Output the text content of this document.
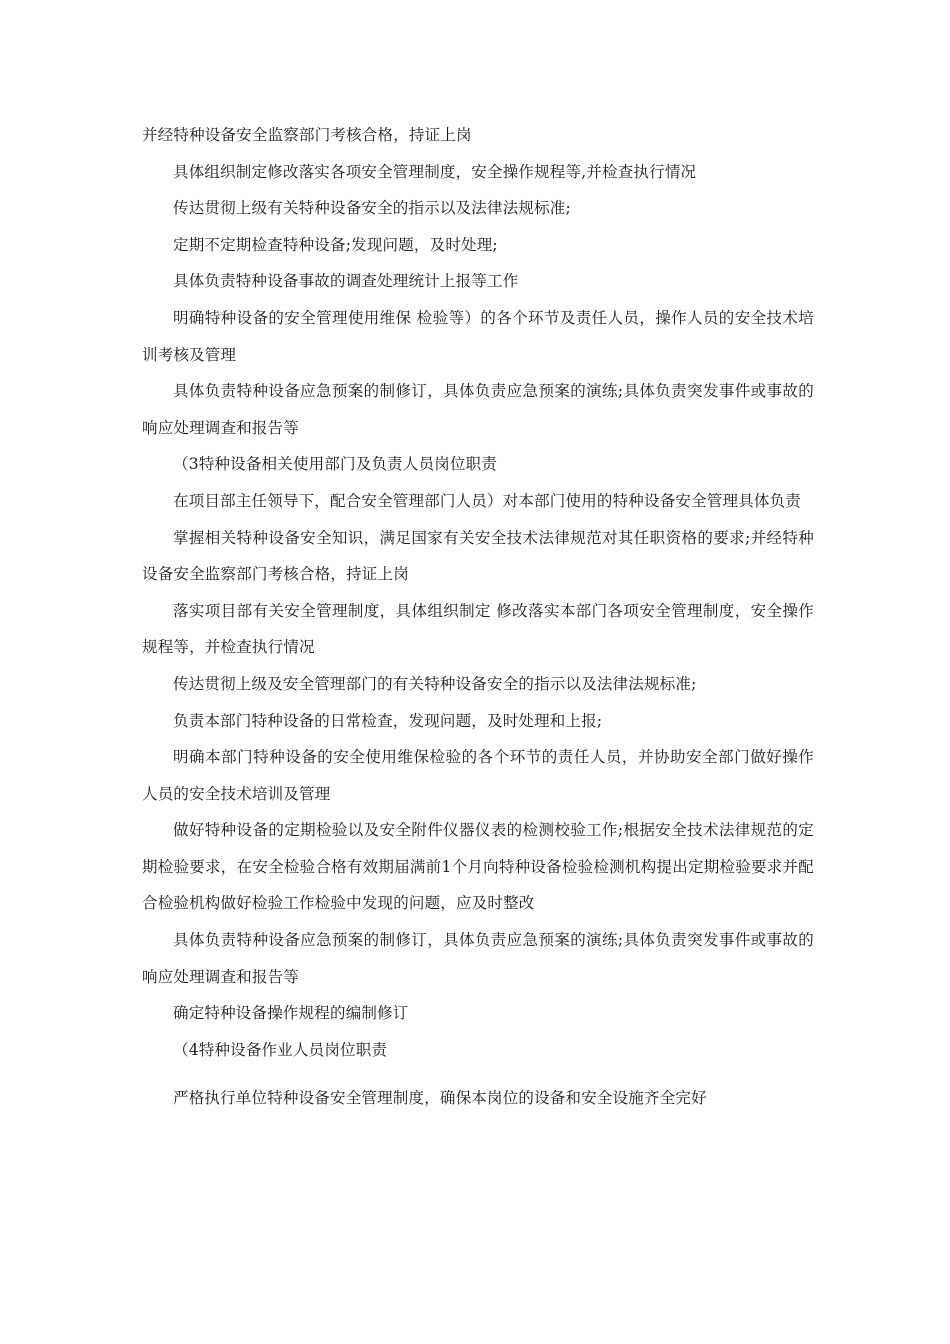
并经特种设备安全监察部门考核合格，持证上岗

具体组织制定修改落实各项安全管理制度，安全操作规程等,并检查执行情况

传达贯彻上级有关特种设备安全的指示以及法律法规标准;

定期不定期检查特种设备;发现问题，及时处理;

具体负责特种设备事故的调查处理统计上报等工作

明确特种设备的安全管理使用维保 检验等）的各个环节及责任人员，操作人员的安全技术培训考核及管理

具体负责特种设备应急预案的制修订，具体负责应急预案的演练;具体负责突发事件或事故的响应处理调查和报告等

（3特种设备相关使用部门及负责人员岗位职责

在项目部主任领导下，配合安全管理部门人员）对本部门使用的特种设备安全管理具体负责

掌握相关特种设备安全知识，满足国家有关安全技术法律规范对其任职资格的要求;并经特种设备安全监察部门考核合格，持证上岗

落实项目部有关安全管理制度，具体组织制定 修改落实本部门各项安全管理制度，安全操作规程等，并检查执行情况

传达贯彻上级及安全管理部门的有关特种设备安全的指示以及法律法规标准;

负责本部门特种设备的日常检查，发现问题，及时处理和上报;

明确本部门特种设备的安全使用维保检验的各个环节的责任人员，并协助安全部门做好操作人员的安全技术培训及管理

做好特种设备的定期检验以及安全附件仪器仪表的检测校验工作;根据安全技术法律规范的定期检验要求，在安全检验合格有效期届满前1个月向特种设备检验检测机构提出定期检验要求并配合检验机构做好检验工作检验中发现的问题，应及时整改

具体负责特种设备应急预案的制修订，具体负责应急预案的演练;具体负责突发事件或事故的响应处理调查和报告等

确定特种设备操作规程的编制修订

（4特种设备作业人员岗位职责

严格执行单位特种设备安全管理制度，确保本岗位的设备和安全设施齐全完好
